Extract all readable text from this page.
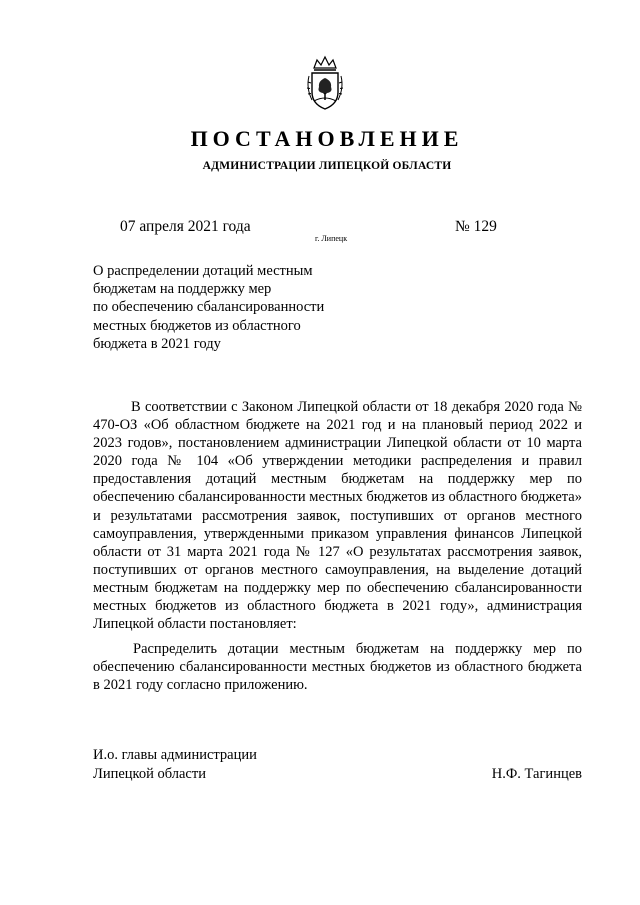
ПОСТАНОВЛЕНИЕ
АДМИНИСТРАЦИИ ЛИПЕЦКОЙ ОБЛАСТИ
07 апреля 2021 года
г. Липецк
№ 129
О распределении дотаций местным
бюджетам на поддержку мер
по обеспечению сбалансированности
местных бюджетов из областного
бюджета в 2021 году
В соответствии с Законом Липецкой области от 18 декабря 2020 года № 470-ОЗ «Об областном бюджете на 2021 год и на плановый период 2022 и 2023 годов», постановлением администрации Липецкой области от 10 марта 2020 года № 104 «Об утверждении методики распределения и правил предоставления дотаций местным бюджетам на поддержку мер по обеспечению сбалансированности местных бюджетов из областного бюджета» и результатами рассмотрения заявок, поступивших от органов местного самоуправления, утвержденными приказом управления финансов Липецкой области от 31 марта 2021 года № 127 «О результатах рассмотрения заявок, поступивших от органов местного самоуправления, на выделение дотаций местным бюджетам на поддержку мер по обеспечению сбалансированности местных бюджетов из областного бюджета в 2021 году», администрация Липецкой области постановляет:
Распределить дотации местным бюджетам на поддержку мер по обеспечению сбалансированности местных бюджетов из областного бюджета в 2021 году согласно приложению.
И.о. главы администрации
Липецкой области	Н.Ф. Тагинцев
